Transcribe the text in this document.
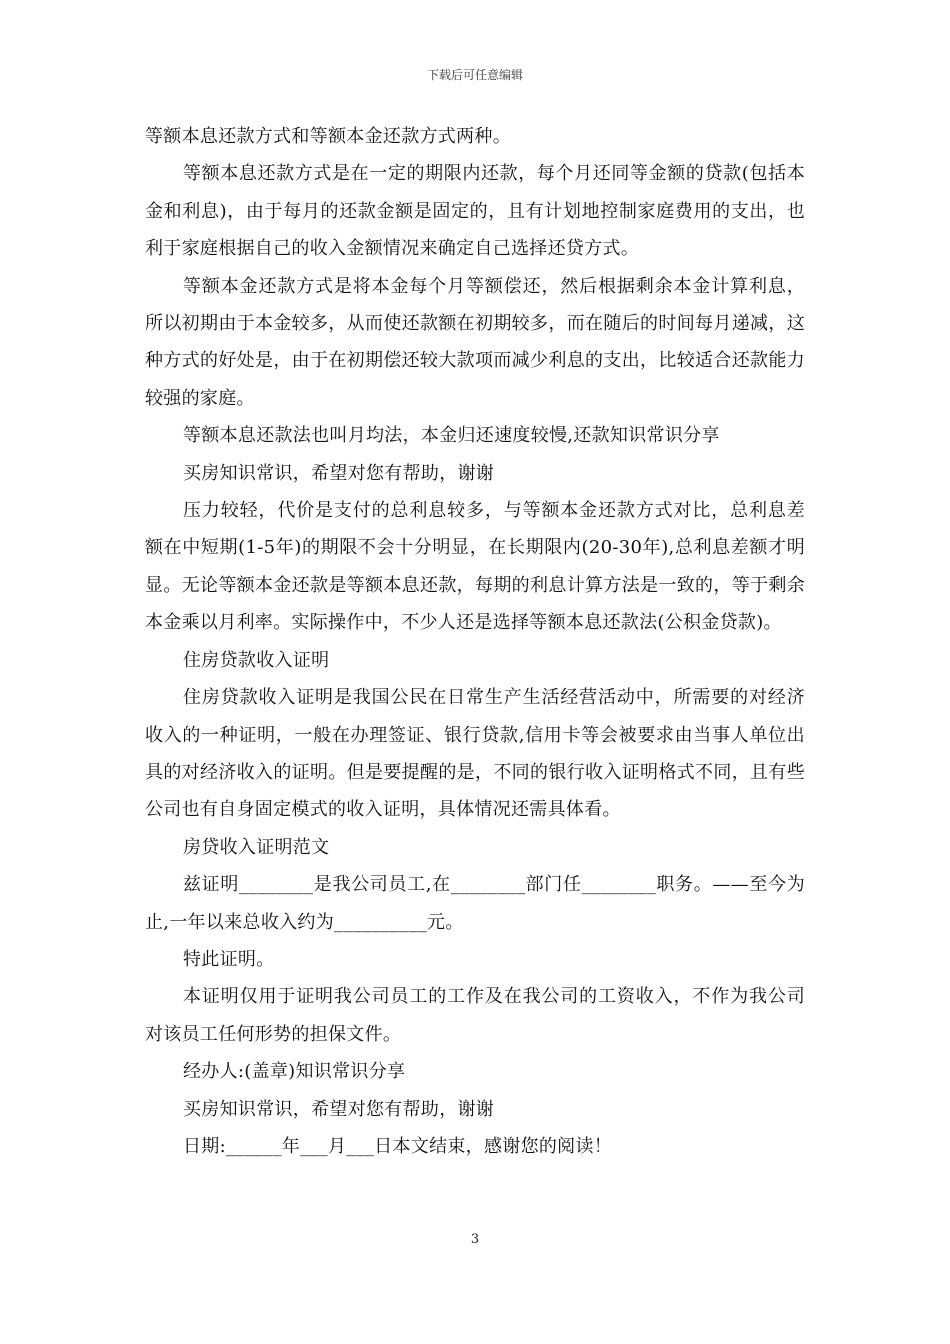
下载后可任意编辑

等额本息还款方式和等额本金还款方式两种。

等额本息还款方式是在一定的期限内还款，每个月还同等金额的贷款(包括本金和利息)，由于每月的还款金额是固定的，且有计划地控制家庭费用的支出，也利于家庭根据自己的收入金额情况来确定自己选择还贷方式。

等额本金还款方式是将本金每个月等额偿还，然后根据剩余本金计算利息，所以初期由于本金较多，从而使还款额在初期较多，而在随后的时间每月递减，这种方式的好处是，由于在初期偿还较大款项而减少利息的支出，比较适合还款能力较强的家庭。

等额本息还款法也叫月均法，本金归还速度较慢,还款知识常识分享

买房知识常识，希望对您有帮助，谢谢

压力较轻，代价是支付的总利息较多，与等额本金还款方式对比，总利息差额在中短期(1-5年)的期限不会十分明显，在长期限内(20-30年),总利息差额才明显。无论等额本金还款是等额本息还款，每期的利息计算方法是一致的，等于剩余本金乘以月利率。实际操作中，不少人还是选择等额本息还款法(公积金贷款)。

住房贷款收入证明

住房贷款收入证明是我国公民在日常生产生活经营活动中，所需要的对经济收入的一种证明，一般在办理签证、银行贷款,信用卡等会被要求由当事人单位出具的对经济收入的证明。但是要提醒的是，不同的银行收入证明格式不同，且有些公司也有自身固定模式的收入证明，具体情况还需具体看。

房贷收入证明范文

兹证明________是我公司员工,在________部门任________职务。——至今为止,一年以来总收入约为__________元。

特此证明。

本证明仅用于证明我公司员工的工作及在我公司的工资收入，不作为我公司对该员工任何形势的担保文件。

经办人:(盖章)知识常识分享

买房知识常识，希望对您有帮助，谢谢

日期:______年___月___日本文结束，感谢您的阅读！

3
